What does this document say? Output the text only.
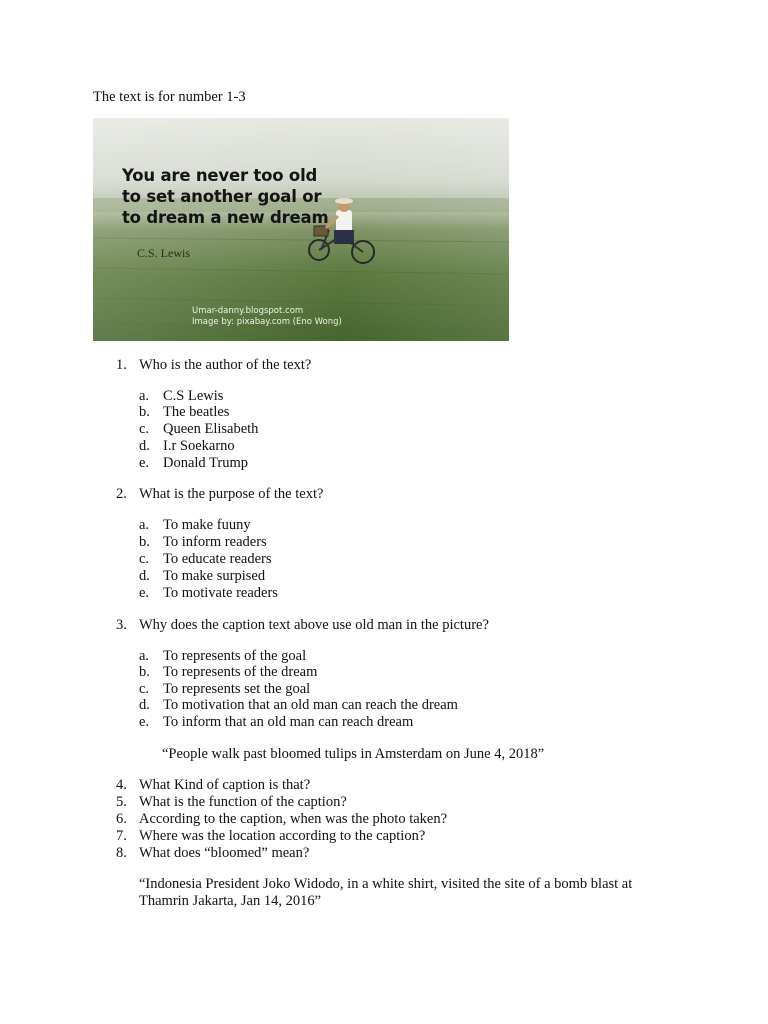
The text is for number 1-3
You are never too old
to set another goal or
to dream a new dream
C.S. Lewis
Umar-danny.blogspot.com
Image by: pixabay.com (Eno Wong)
1. Who is the author of the text?
a. C.S Lewis
b. The beatles
c. Queen Elisabeth
d. I.r Soekarno
e. Donald Trump
2. What is the purpose of the text?
a. To make fuuny
b. To inform readers
c. To educate readers
d. To make surpised
e. To motivate readers
3. Why does the caption text above use old man in the picture?
a. To represents of the goal
b. To represents of the dream
c. To represents set the goal
d. To motivation that an old man can reach the dream
e. To inform that an old man can reach dream
“People walk past bloomed tulips in Amsterdam on June 4, 2018”
4. What Kind of caption is that?
5. What is the function of the caption?
6. According to the caption, when was the photo taken?
7. Where was the location according to the caption?
8. What does “bloomed” mean?
“Indonesia President Joko Widodo, in a white shirt, visited the site of a bomb blast at
Thamrin Jakarta, Jan 14, 2016”
